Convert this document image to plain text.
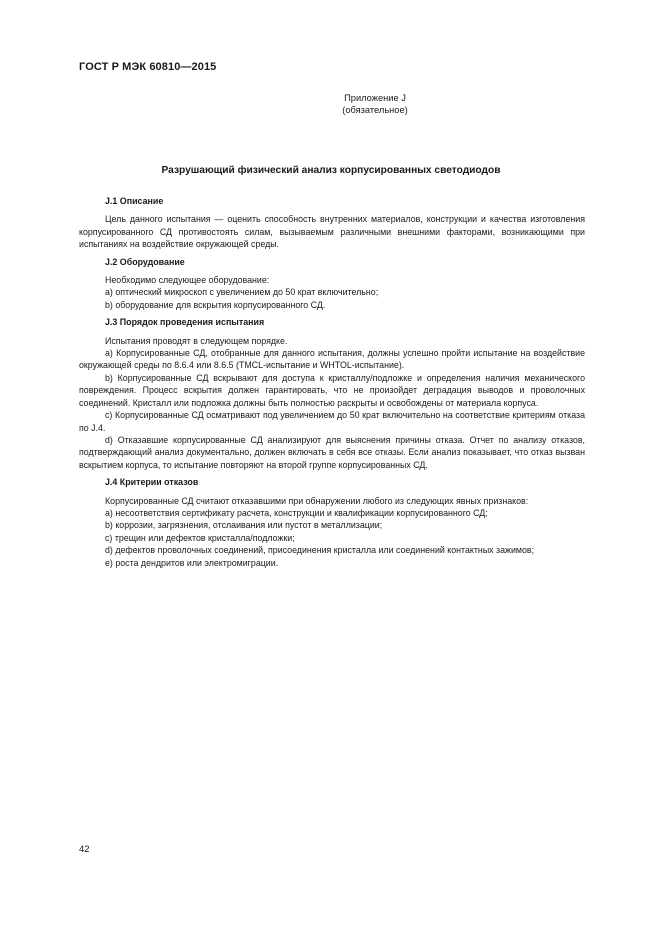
ГОСТ Р МЭК 60810—2015
Приложение J
(обязательное)
Разрушающий физический анализ корпусированных светодиодов

J.1 Описание

Цель данного испытания — оценить способность внутренних материалов, конструкции и качества изготовления корпусированного СД противостоять силам, вызываемым различными внешними факторами, возникающими при испытаниях на воздействие окружающей среды.

J.2 Оборудование

Необходимо следующее оборудование:

а) оптический микроскоп с увеличением до 50 крат включительно;

b) оборудование для вскрытия корпусированного СД.

J.3 Порядок проведения испытания

Испытания проводят в следующем порядке.

а) Корпусированные СД, отобранные для данного испытания, должны успешно пройти испытание на воздействие окружающей среды по 8.6.4 или 8.6.5 (TMCL-испытание и WHTOL-испытание).

b) Корпусированные СД вскрывают для доступа к кристаллу/подложке и определения наличия механического повреждения. Процесс вскрытия должен гарантировать, что не произойдет деградация выводов и проволочных соединений. Кристалл или подложка должны быть полностью раскрыты и освобождены от материала корпуса.

c) Корпусированные СД осматривают под увеличением до 50 крат включительно на соответствие критериям отказа по J.4.

d) Отказавшие корпусированные СД анализируют для выяснения причины отказа. Отчет по анализу отказов, подтверждающий анализ документально, должен включать в себя все отказы. Если анализ показывает, что отказ вызван вскрытием корпуса, то испытание повторяют на второй группе корпусированных СД.

J.4 Критерии отказов

Корпусированные СД считают отказавшими при обнаружении любого из следующих явных признаков:

а) несоответствия сертификату расчета, конструкции и квалификации корпусированного СД;

b) коррозии, загрязнения, отслаивания или пустот в металлизации;

c) трещин или дефектов кристалла/подложки;

d) дефектов проволочных соединений, присоединения кристалла или соединений контактных зажимов;

e) роста дендритов или электромиграции.

42
